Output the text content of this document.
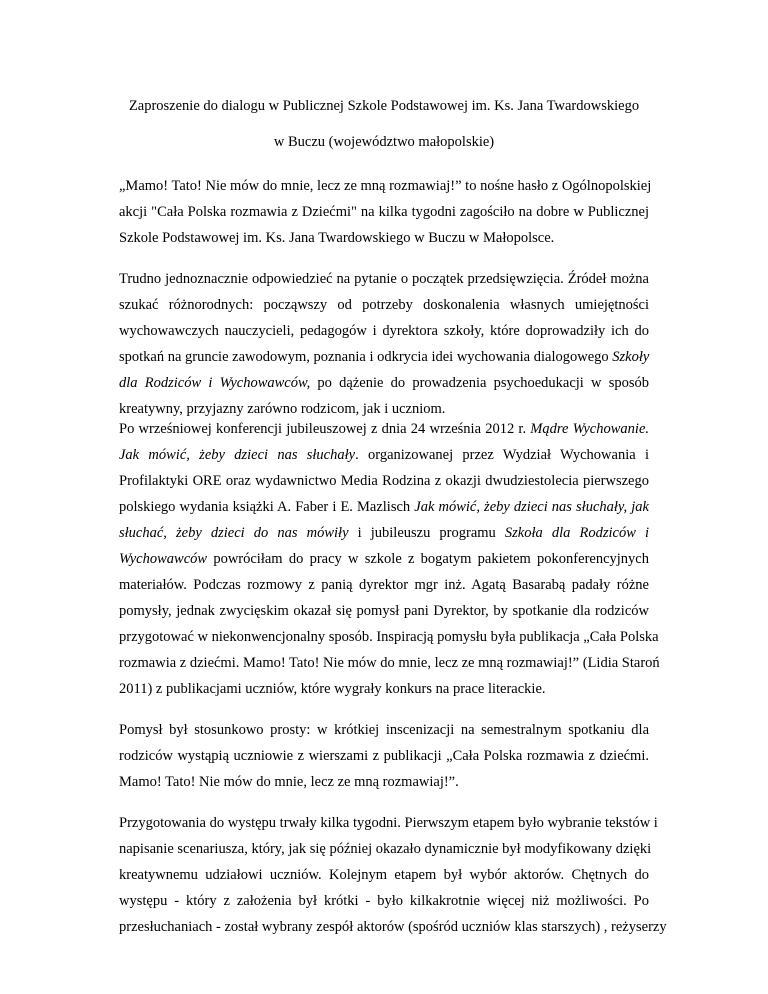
Zaproszenie do dialogu w Publicznej Szkole Podstawowej im. Ks. Jana Twardowskiego
w Buczu (województwo małopolskie)
„Mamo! Tato! Nie mów do mnie, lecz ze mną rozmawiaj!” to nośne hasło z Ogólnopolskiej
akcji "Cała Polska rozmawia z Dziećmi" na kilka tygodni zagościło na dobre w Publicznej
Szkole Podstawowej im. Ks. Jana Twardowskiego w Buczu w Małopolsce.
Trudno jednoznacznie odpowiedzieć na pytanie o początek przedsięwzięcia. Źródeł można
szukać różnorodnych: począwszy od potrzeby doskonalenia własnych umiejętności
wychowawczych nauczycieli, pedagogów i dyrektora szkoły, które doprowadziły ich do
spotkań na gruncie zawodowym, poznania i odkrycia idei wychowania dialogowego Szkoły
dla Rodziców i Wychowawców, po dążenie do prowadzenia psychoedukacji w sposób
kreatywny, przyjazny zarówno rodzicom, jak i uczniom.
Po wrześniowej konferencji jubileuszowej z dnia 24 września 2012 r. Mądre Wychowanie.
Jak mówić, żeby dzieci nas słuchały. organizowanej przez Wydział Wychowania i
Profilaktyki ORE oraz wydawnictwo Media Rodzina z okazji dwudziestolecia pierwszego
polskiego wydania książki A. Faber i E. Mazlisch Jak mówić, żeby dzieci nas słuchały, jak
słuchać, żeby dzieci do nas mówiły i jubileuszu programu Szkoła dla Rodziców i
Wychowawców powróciłam do pracy w szkole z bogatym pakietem pokonferencyjnych
materiałów. Podczas rozmowy z panią dyrektor mgr inż. Agatą Basarabą padały różne
pomysły, jednak zwycięskim okazał się pomysł pani Dyrektor, by spotkanie dla rodziców
przygotować w niekonwencjonalny sposób. Inspiracją pomysłu była publikacja „Cała Polska
rozmawia z dziećmi. Mamo! Tato! Nie mów do mnie, lecz ze mną rozmawiaj!” (Lidia Staroń
2011) z publikacjami uczniów, które wygrały konkurs na prace literackie.
Pomysł był stosunkowo prosty: w krótkiej inscenizacji na semestralnym spotkaniu dla
rodziców wystąpią uczniowie z wierszami z publikacji „Cała Polska rozmawia z dziećmi.
Mamo! Tato! Nie mów do mnie, lecz ze mną rozmawiaj!”.
Przygotowania do występu trwały kilka tygodni. Pierwszym etapem było wybranie tekstów i
napisanie scenariusza, który, jak się później okazało dynamicznie był modyfikowany dzięki
kreatywnemu udziałowi uczniów. Kolejnym etapem był wybór aktorów. Chętnych do
występu - który z założenia był krótki - było kilkakrotnie więcej niż możliwości. Po
przesłuchaniach - został wybrany zespół aktorów (spośród uczniów klas starszych) , reżyserzy
